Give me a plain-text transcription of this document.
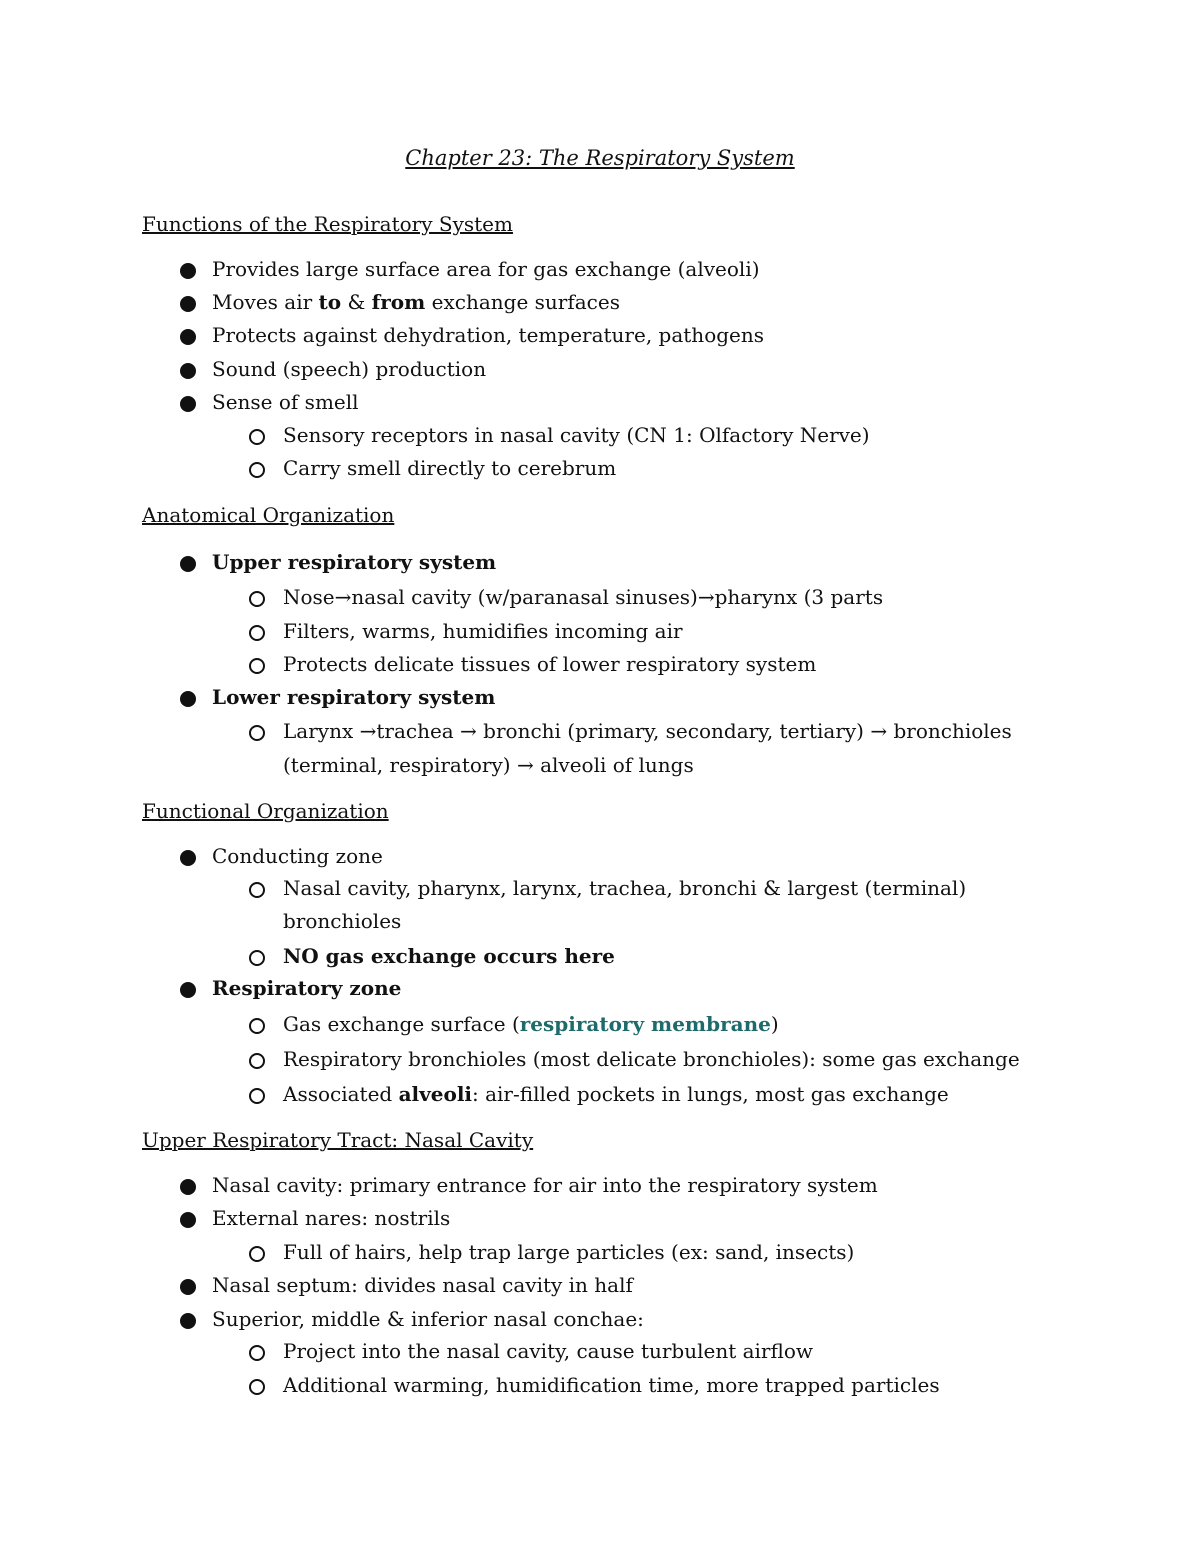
Chapter 23: The Respiratory System
Functions of the Respiratory System
Provides large surface area for gas exchange (alveoli)
Moves air to & from exchange surfaces
Protects against dehydration, temperature, pathogens
Sound (speech) production
Sense of smell
Sensory receptors in nasal cavity (CN 1: Olfactory Nerve)
Carry smell directly to cerebrum
Anatomical Organization
Upper respiratory system
Nose→nasal cavity (w/paranasal sinuses)→pharynx (3 parts
Filters, warms, humidifies incoming air
Protects delicate tissues of lower respiratory system
Lower respiratory system
Larynx →trachea → bronchi (primary, secondary, tertiary) → bronchioles
(terminal, respiratory) → alveoli of lungs
Functional Organization
Conducting zone
Nasal cavity, pharynx, larynx, trachea, bronchi & largest (terminal)
bronchioles
NO gas exchange occurs here
Respiratory zone
Gas exchange surface (respiratory membrane)
Respiratory bronchioles (most delicate bronchioles): some gas exchange
Associated alveoli: air-filled pockets in lungs, most gas exchange
Upper Respiratory Tract: Nasal Cavity
Nasal cavity: primary entrance for air into the respiratory system
External nares: nostrils
Full of hairs, help trap large particles (ex: sand, insects)
Nasal septum: divides nasal cavity in half
Superior, middle & inferior nasal conchae:
Project into the nasal cavity, cause turbulent airflow
Additional warming, humidification time, more trapped particles
